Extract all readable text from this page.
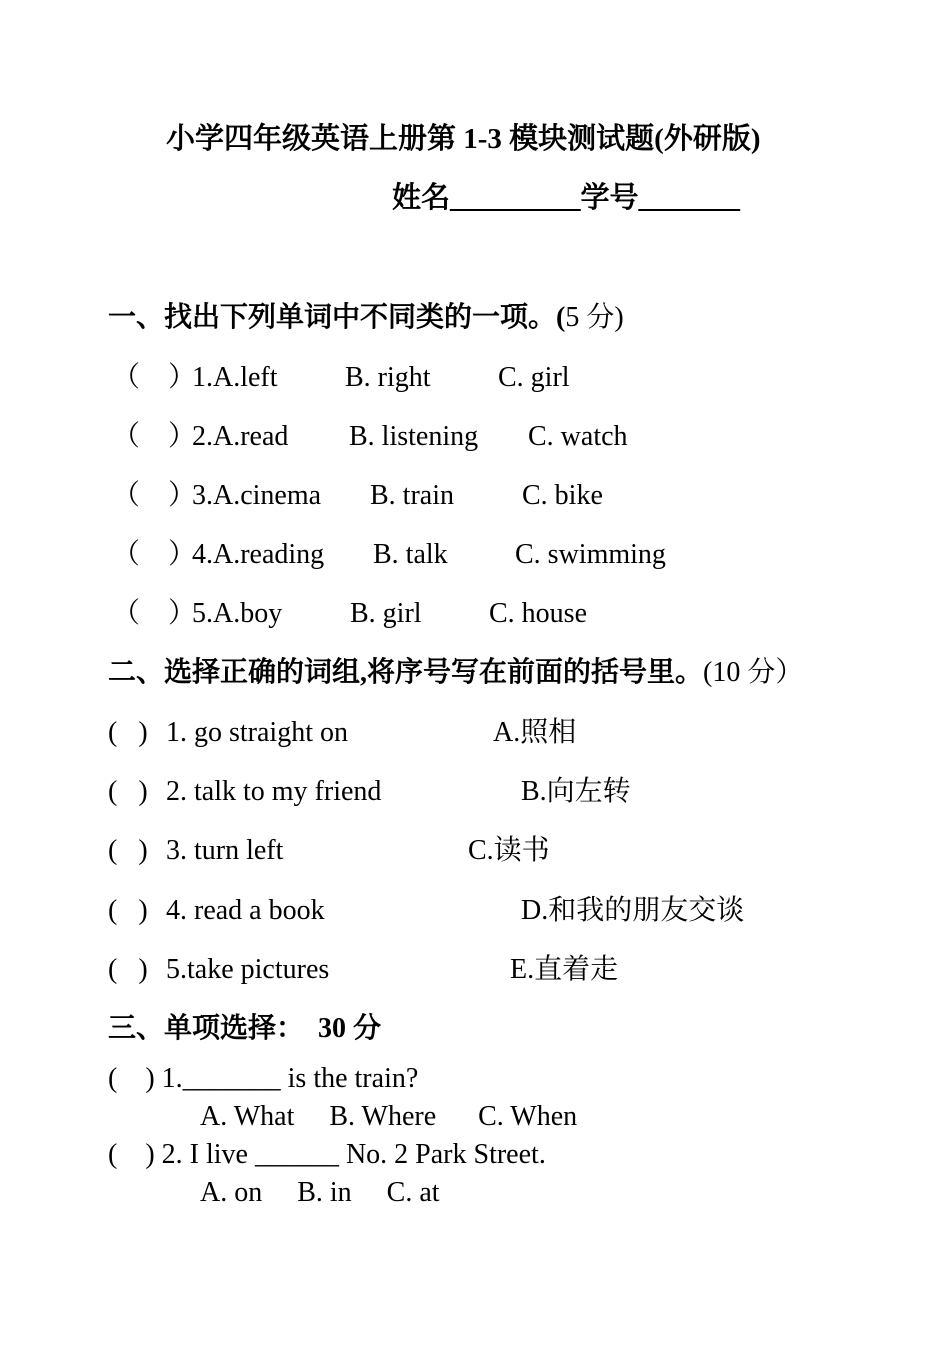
小学四年级英语上册第 1-3 模块测试题(外研版)
姓名_________学号_______
一、找出下列单词中不同类的一项。(5 分)
（    ）
1.A.left B. right C. girl
（    ）
2.A.read B. listening C. watch
（    ）
3.A.cinema B. train C. bike
（    ）
4.A.reading B. talk C. swimming
（    ）
5.A.boy B. girl C. house
二、选择正确的词组,将序号写在前面的括号里。(10 分）
(   ) 1. go straight on	A.照相
(   ) 2. talk to my friend	B.向左转
(   ) 3. turn left	C.读书
(   ) 4. read a book	D.和我的朋友交谈
(   ) 5.take pictures	E.直着走
三、单项选择：  30 分
(    ) 1._______ is the train?
A. What     B. Where      C. When
(    ) 2. I live ______ No. 2 Park Street.
A. on     B. in     C. at
